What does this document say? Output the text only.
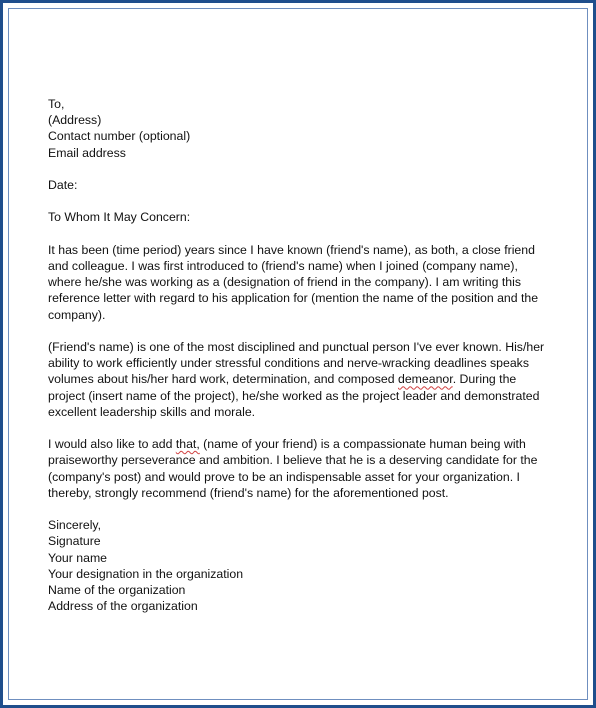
To,
(Address)
Contact number (optional)
Email address
Date:
To Whom It May Concern:
It has been (time period) years since I have known (friend's name), as both, a close friend
and colleague. I was first introduced to (friend's name) when I joined (company name),
where he/she was working as a (designation of friend in the company). I am writing this
reference letter with regard to his application for (mention the name of the position and the
company).
(Friend's name) is one of the most disciplined and punctual person I've ever known. His/her
ability to work efficiently under stressful conditions and nerve-wracking deadlines speaks
volumes about his/her hard work, determination, and composed demeanor. During the
project (insert name of the project), he/she worked as the project leader and demonstrated
excellent leadership skills and morale.
I would also like to add that, (name of your friend) is a compassionate human being with
praiseworthy perseverance and ambition. I believe that he is a deserving candidate for the
(company's post) and would prove to be an indispensable asset for your organization. I
thereby, strongly recommend (friend's name) for the aforementioned post.
Sincerely,
Signature
Your name
Your designation in the organization
Name of the organization
Address of the organization
